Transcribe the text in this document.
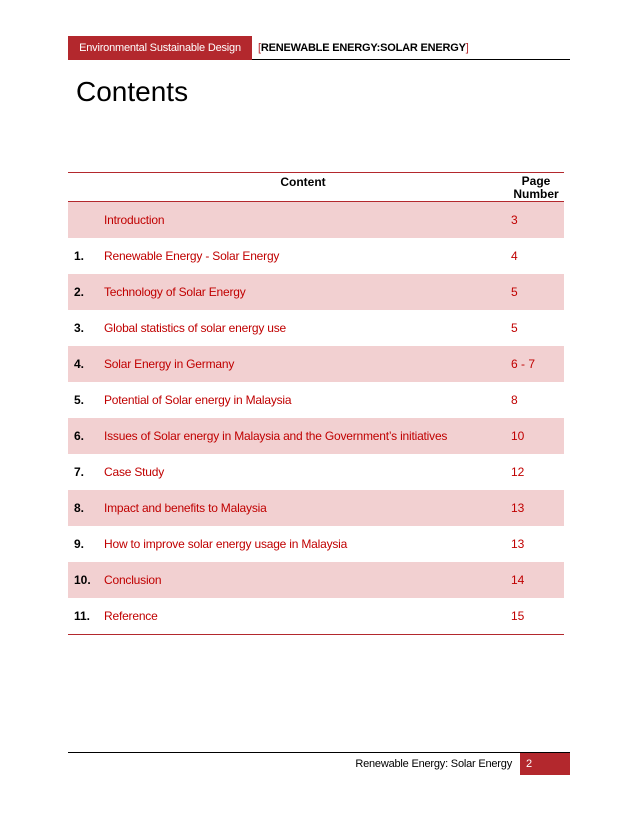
Environmental Sustainable Design	[RENEWABLE ENERGY:SOLAR ENERGY]
Contents
Content	Page Number
Introduction	3
1. Renewable Energy - Solar Energy	4
2. Technology of Solar Energy	5
3. Global statistics of solar energy use	5
4. Solar Energy in Germany	6 - 7
5. Potential of Solar energy in Malaysia	8
6. Issues of Solar energy in Malaysia and the Government’s initiatives	10
7. Case Study	12
8. Impact and benefits to Malaysia	13
9. How to improve solar energy usage in Malaysia	13
10. Conclusion	14
11. Reference	15
Renewable Energy: Solar Energy	2
